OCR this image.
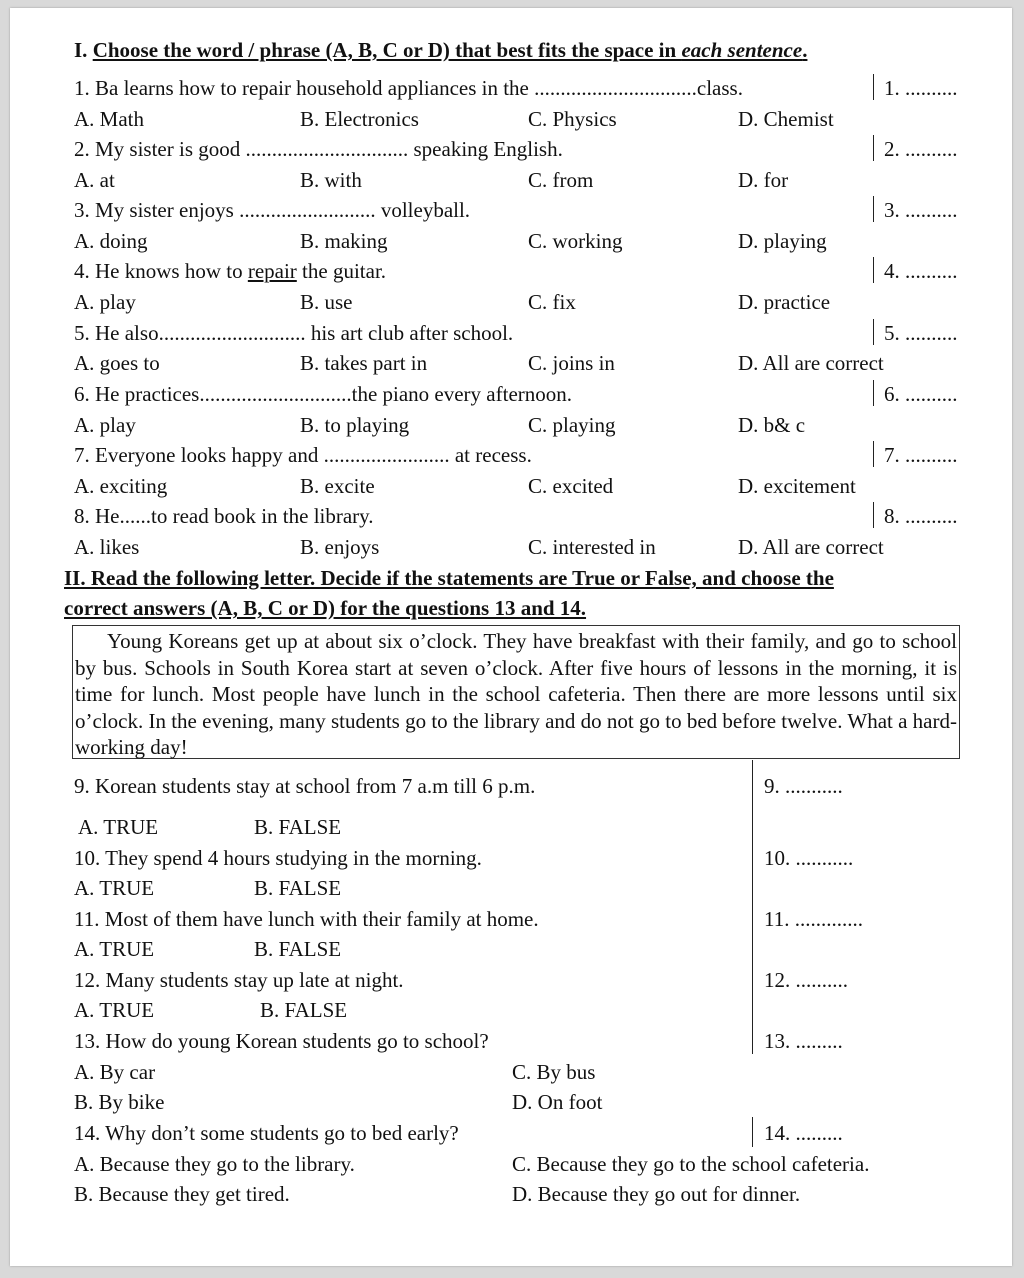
I. Choose the word / phrase (A, B, C or D) that best fits the space in each sentence.
1. Ba learns how to repair household appliances in the ...............................class.	1. ..........
A. Math	B. Electronics	C. Physics	D. Chemist
2. My sister is good ............................... speaking English.	2. ..........
A. at	B. with	C. from	D. for
3. My sister enjoys .......................... volleyball.	3. ..........
A. doing	B. making	C. working	D. playing
4. He knows how to repair the guitar.	4. ..........
A. play	B. use	C. fix	D. practice
5. He also............................ his art club after school.	5. ..........
A. goes to	B. takes part in	C. joins in	D. All are correct
6. He practices.............................the piano every afternoon.	6. ..........
A. play	B. to playing	C. playing	D. b& c
7. Everyone looks happy and ........................ at recess.	7. ..........
A. exciting	B. excite	C. excited	D. excitement
8. He......to read book in the library.	8. ..........
A. likes	B. enjoys	C. interested in	D. All are correct
II. Read the following letter. Decide if the statements are True or False, and choose the
correct answers (A, B, C or D) for the questions 13 and 14.
Young Koreans get up at about six o’clock. They have breakfast with their family, and go to school by bus. Schools in South Korea start at seven o’clock. After five hours of lessons in the morning, it is time for lunch. Most people have lunch in the school cafeteria. Then there are more lessons until six o’clock. In the evening, many students go to the library and do not go to bed before twelve. What a hard-working day!
9. Korean students stay at school from 7 a.m till 6 p.m.	9. ...........
A. TRUE	B. FALSE
10. They spend 4 hours studying in the morning.	10. ...........
A. TRUE	B. FALSE
11. Most of them have lunch with their family at home.	11. .............
A. TRUE	B. FALSE
12. Many students stay up late at night.	12. ..........
A. TRUE	B. FALSE
13. How do young Korean students go to school?	13. .........
A. By car	C. By bus
B. By bike	D. On foot
14. Why don’t some students go to bed early?	14. .........
A. Because they go to the library.	C. Because they go to the school cafeteria.
B. Because they get tired.	D. Because they go out for dinner.
